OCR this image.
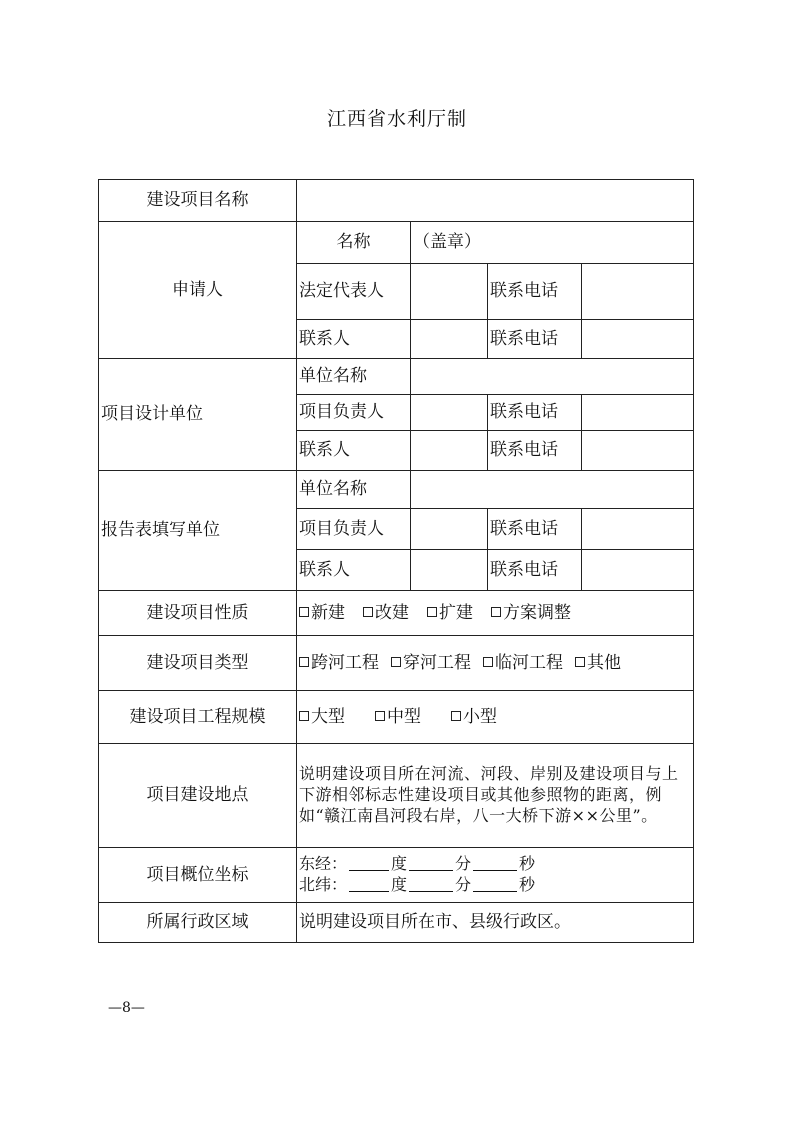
江西省水利厅制
建设项目名称				
申请人	名称	（盖章）		
	法定代表人		联系电话	
	联系人		联系电话	
项目设计单位	单位名称			
	项目负责人		联系电话	
	联系人		联系电话	
报告表填写单位	单位名称			
	项目负责人		联系电话	
	联系人		联系电话	
建设项目性质	新建 改建 扩建 方案调整			
建设项目类型	跨河工程 穿河工程 临河工程 其他			
建设项目工程规模	大型 中型 小型			
项目建设地点	说明建设项目所在河流、河段、岸别及建设项目与上下游相邻标志性建设项目或其他参照物的距离，例如“赣江南昌河段右岸，八一大桥下游××公里”。			
项目概位坐标	东经： 度 分 秒
北纬： 度 分 秒			

所属行政区域	说明建设项目所在市、县级行政区。			
—8—
